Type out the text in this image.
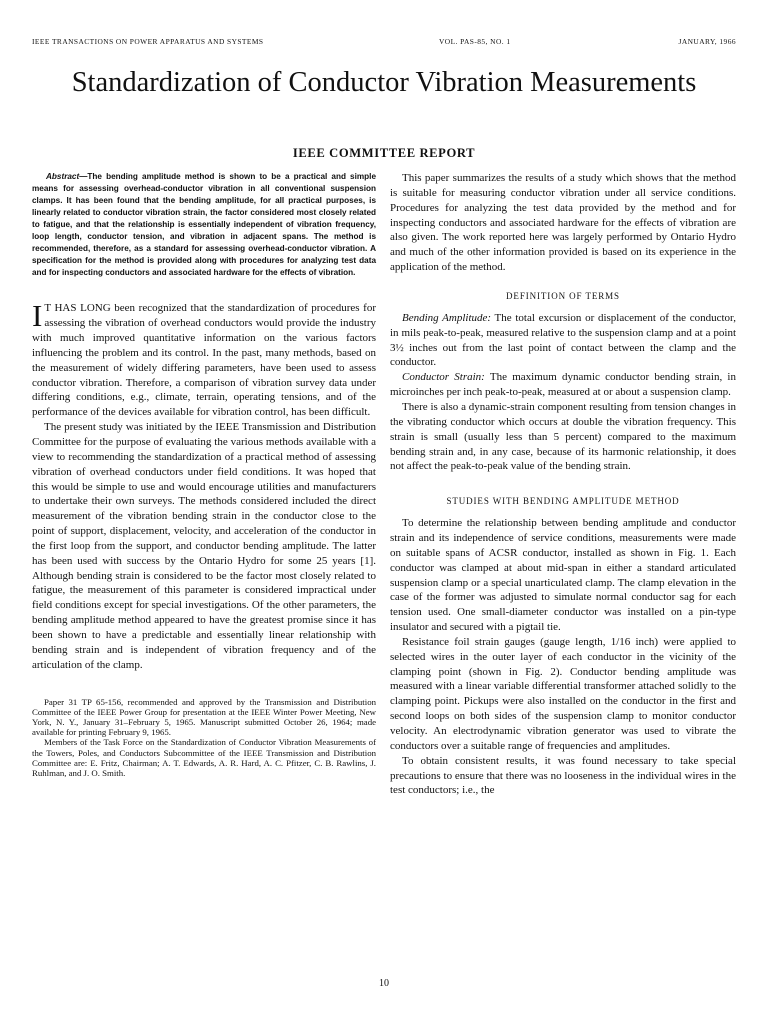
IEEE TRANSACTIONS ON POWER APPARATUS AND SYSTEMS	VOL. PAS-85, NO. 1	JANUARY, 1966
Standardization of Conductor Vibration Measurements
IEEE COMMITTEE REPORT

Abstract—The bending amplitude method is shown to be a practical and simple means for assessing overhead-conductor vibration in all conventional suspension clamps. It has been found that the bending amplitude, for all practical purposes, is linearly related to conductor vibration strain, the factor considered most closely related to fatigue, and that the relationship is essentially independent of vibration frequency, loop length, conductor tension, and vibration in adjacent spans. The method is recommended, therefore, as a standard for assessing overhead-conductor vibration. A specification for the method is provided along with procedures for analyzing test data and for inspecting conductors and associated hardware for the effects of vibration.

I T HAS LONG been recognized that the standardization of procedures for assessing the vibration of overhead conductors would provide the industry with much improved quantitative information on the various factors influencing the problem and its control. In the past, many methods, based on the measurement of widely differing parameters, have been used to assess conductor vibration. Therefore, a comparison of vibration survey data under differing conditions, e.g., climate, terrain, operating tensions, and of the performance of the devices available for vibration control, has been difficult.

The present study was initiated by the IEEE Transmission and Distribution Committee for the purpose of evaluating the various methods available with a view to recommending the standardization of a practical method of assessing vibration of overhead conductors under field conditions. It was hoped that this would be simple to use and would encourage utilities and manufacturers to undertake their own surveys. The methods considered included the direct measurement of the vibration bending strain in the conductor close to the point of support, displacement, velocity, and acceleration of the conductor in the first loop from the support, and conductor bending amplitude. The latter has been used with success by the Ontario Hydro for some 25 years [1]. Although bending strain is considered to be the factor most closely related to fatigue, the measurement of this parameter is considered impractical under field conditions except for special investigations. Of the other parameters, the bending amplitude method appeared to have the greatest promise since it has been shown to have a predictable and essentially linear relationship with bending strain and is independent of vibration frequency and of the articulation of the clamp.

Paper 31 TP 65-156, recommended and approved by the Transmission and Distribution Committee of the IEEE Power Group for presentation at the IEEE Winter Power Meeting, New York, N. Y., January 31–February 5, 1965. Manuscript submitted October 26, 1964; made available for printing February 9, 1965.

Members of the Task Force on the Standardization of Conductor Vibration Measurements of the Towers, Poles, and Conductors Subcommittee of the IEEE Transmission and Distribution Committee are: E. Fritz, Chairman; A. T. Edwards, A. R. Hard, A. C. Pfitzer, C. B. Rawlins, J. Ruhlman, and J. O. Smith.

This paper summarizes the results of a study which shows that the method is suitable for measuring conductor vibration under all service conditions. Procedures for analyzing the test data provided by the method and for inspecting conductors and associated hardware for the effects of vibration are also given. The work reported here was largely performed by Ontario Hydro and much of the other information provided is based on its experience in the application of the method.

DEFINITION OF TERMS

Bending Amplitude: The total excursion or displacement of the conductor, in mils peak-to-peak, measured relative to the suspension clamp and at a point 3½ inches out from the last point of contact between the clamp and the conductor.

Conductor Strain: The maximum dynamic conductor bending strain, in microinches per inch peak-to-peak, measured at or about a suspension clamp.

There is also a dynamic-strain component resulting from tension changes in the vibrating conductor which occurs at double the vibration frequency. This strain is small (usually less than 5 percent) compared to the maximum bending strain and, in any case, because of its harmonic relationship, it does not affect the peak-to-peak value of the bending strain.

STUDIES WITH BENDING AMPLITUDE METHOD

To determine the relationship between bending amplitude and conductor strain and its independence of service conditions, measurements were made on suitable spans of ACSR conductor, installed as shown in Fig. 1. Each conductor was clamped at about mid-span in either a standard articulated suspension clamp or a special unarticulated clamp. The clamp elevation in the case of the former was adjusted to simulate normal conductor sag for each tension used. One small-diameter conductor was installed on a pin-type insulator and secured with a pigtail tie.

Resistance foil strain gauges (gauge length, 1/16 inch) were applied to selected wires in the outer layer of each conductor in the vicinity of the clamping point (shown in Fig. 2). Conductor bending amplitude was measured with a linear variable differential transformer attached solidly to the clamping point. Pickups were also installed on the conductor in the first and second loops on both sides of the suspension clamp to monitor conductor velocity. An electrodynamic vibration generator was used to vibrate the conductors over a suitable range of frequencies and amplitudes.

To obtain consistent results, it was found necessary to take special precautions to ensure that there was no looseness in the individual wires in the test conductors; i.e., the

10
